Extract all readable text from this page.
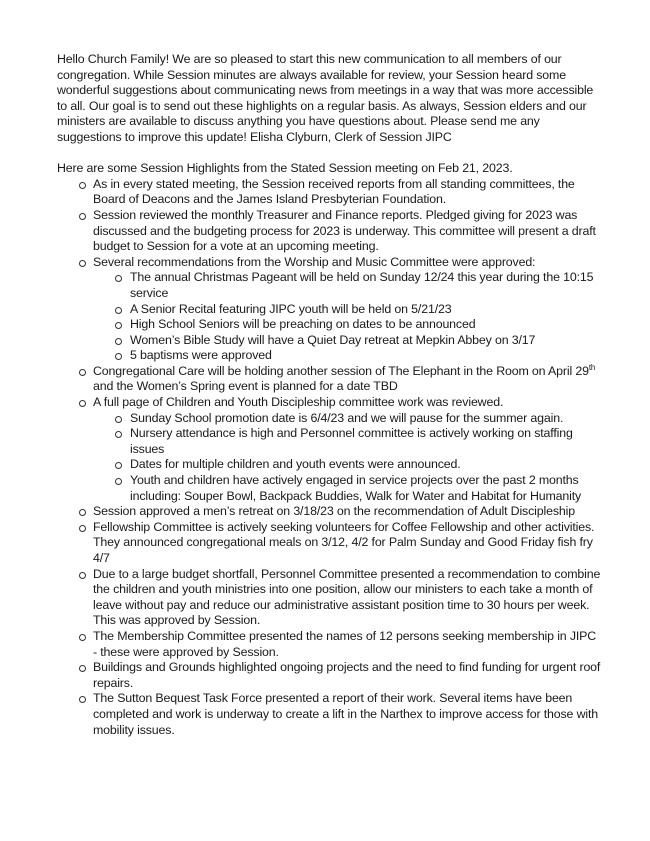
Hello Church Family! We are so pleased to start this new communication to all members of our congregation. While Session minutes are always available for review, your Session heard some wonderful suggestions about communicating news from meetings in a way that was more accessible to all. Our goal is to send out these highlights on a regular basis. As always, Session elders and our ministers are available to discuss anything you have questions about. Please send me any suggestions to improve this update! Elisha Clyburn, Clerk of Session JIPC

Here are some Session Highlights from the Stated Session meeting on Feb 21, 2023.

As in every stated meeting, the Session received reports from all standing committees, the Board of Deacons and the James Island Presbyterian Foundation.
Session reviewed the monthly Treasurer and Finance reports. Pledged giving for 2023 was discussed and the budgeting process for 2023 is underway. This committee will present a draft budget to Session for a vote at an upcoming meeting.
Several recommendations from the Worship and Music Committee were approved:
The annual Christmas Pageant will be held on Sunday 12/24 this year during the 10:15 service
A Senior Recital featuring JIPC youth will be held on 5/21/23
High School Seniors will be preaching on dates to be announced
Women’s Bible Study will have a Quiet Day retreat at Mepkin Abbey on 3/17
5 baptisms were approved
Congregational Care will be holding another session of The Elephant in the Room on April 29th and the Women’s Spring event is planned for a date TBD
A full page of Children and Youth Discipleship committee work was reviewed.
Sunday School promotion date is 6/4/23 and we will pause for the summer again.
Nursery attendance is high and Personnel committee is actively working on staffing issues
Dates for multiple children and youth events were announced.
Youth and children have actively engaged in service projects over the past 2 months including: Souper Bowl, Backpack Buddies, Walk for Water and Habitat for Humanity
Session approved a men’s retreat on 3/18/23 on the recommendation of Adult Discipleship
Fellowship Committee is actively seeking volunteers for Coffee Fellowship and other activities. They announced congregational meals on 3/12, 4/2 for Palm Sunday and Good Friday fish fry 4/7
Due to a large budget shortfall, Personnel Committee presented a recommendation to combine the children and youth ministries into one position, allow our ministers to each take a month of leave without pay and reduce our administrative assistant position time to 30 hours per week. This was approved by Session.
The Membership Committee presented the names of 12 persons seeking membership in JIPC - these were approved by Session.
Buildings and Grounds highlighted ongoing projects and the need to find funding for urgent roof repairs.
The Sutton Bequest Task Force presented a report of their work. Several items have been completed and work is underway to create a lift in the Narthex to improve access for those with mobility issues.
